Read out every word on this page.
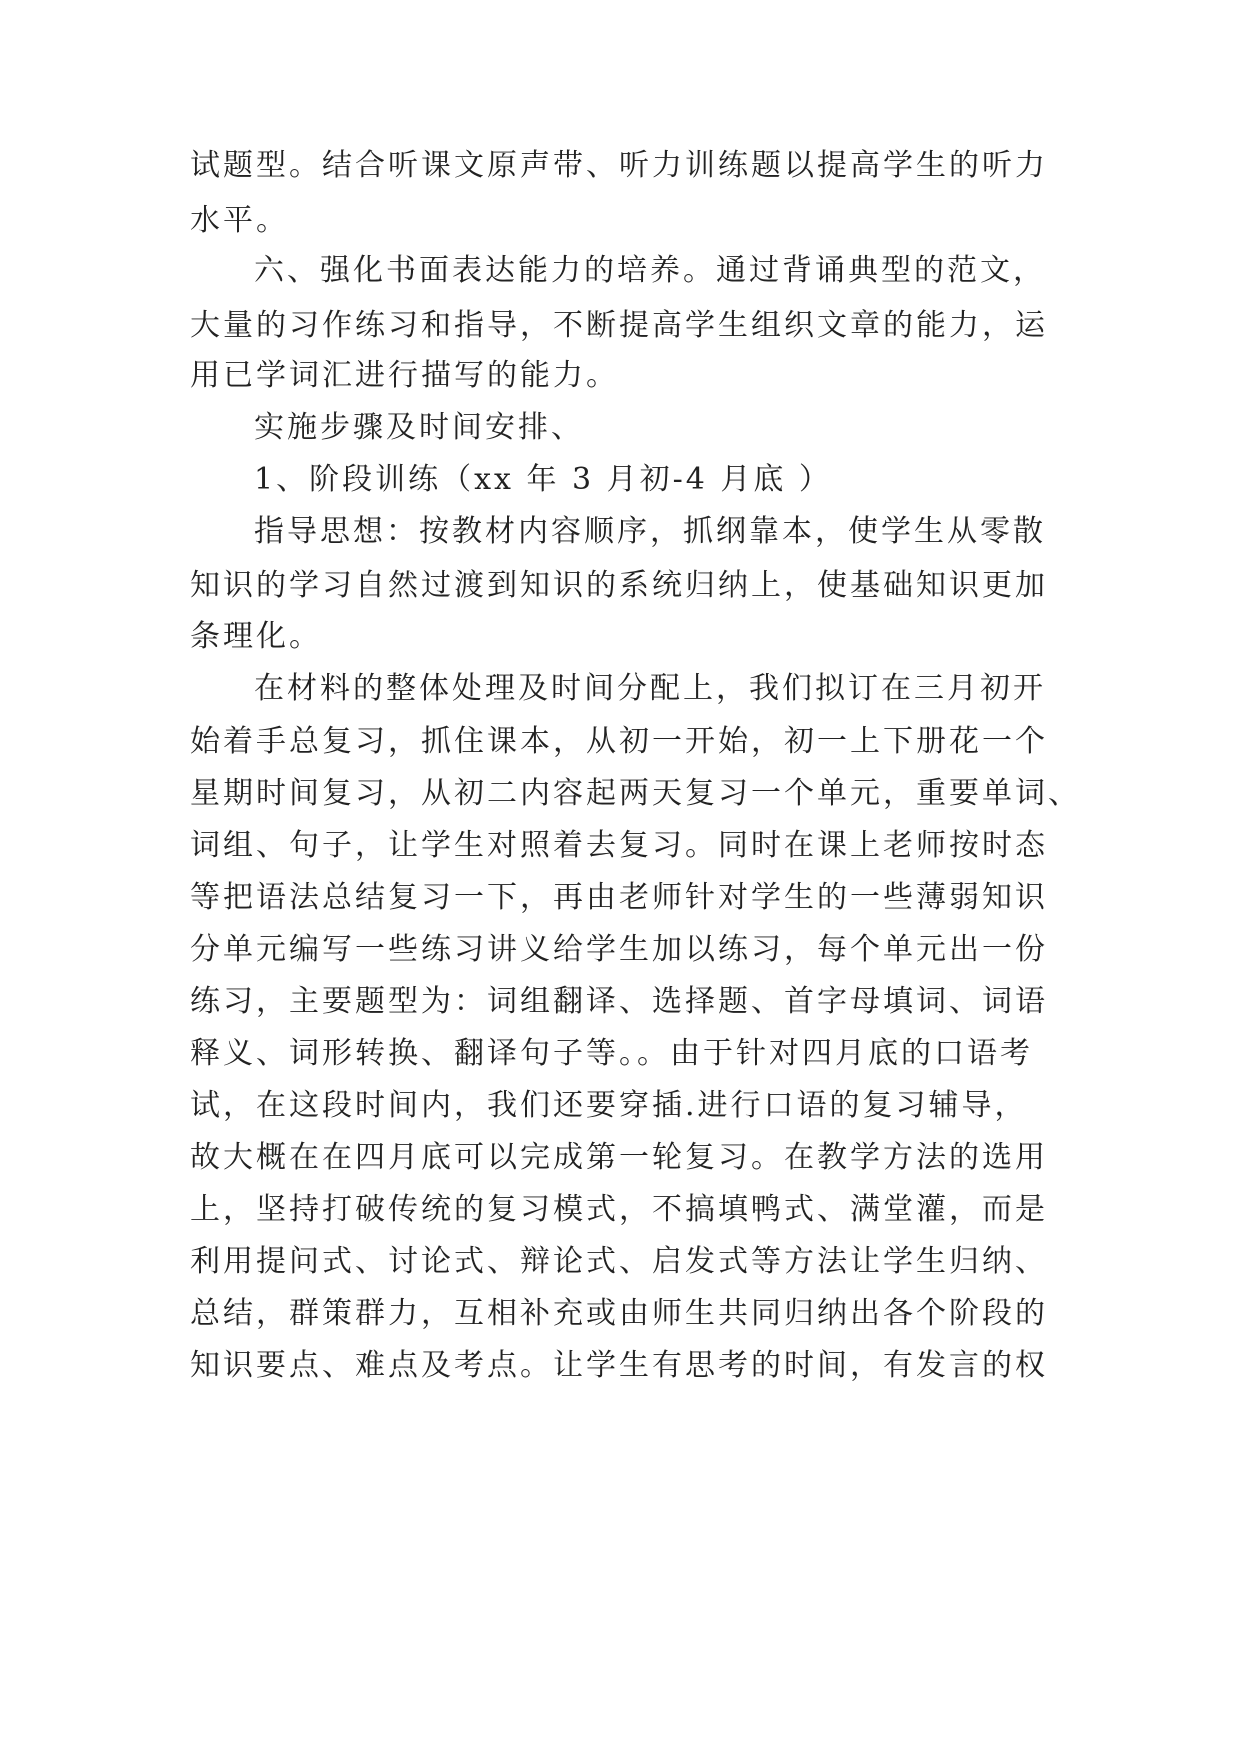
试题型。结合听课文原声带、听力训练题以提高学生的听力
水平。
六、强化书面表达能力的培养。通过背诵典型的范文，
大量的习作练习和指导，不断提高学生组织文章的能力，运
用已学词汇进行描写的能力。
实施步骤及时间安排、
1、阶段训练（xx 年 3 月初-4 月底 ）
指导思想：按教材内容顺序，抓纲靠本，使学生从零散
知识的学习自然过渡到知识的系统归纳上，使基础知识更加
条理化。
在材料的整体处理及时间分配上，我们拟订在三月初开
始着手总复习，抓住课本，从初一开始，初一上下册花一个
星期时间复习，从初二内容起两天复习一个单元，重要单词、
词组、句子，让学生对照着去复习。同时在课上老师按时态
等把语法总结复习一下，再由老师针对学生的一些薄弱知识
分单元编写一些练习讲义给学生加以练习，每个单元出一份
练习，主要题型为：词组翻译、选择题、首字母填词、词语
释义、词形转换、翻译句子等。。由于针对四月底的口语考
试，在这段时间内，我们还要穿插.进行口语的复习辅导，
故大概在在四月底可以完成第一轮复习。在教学方法的选用
上，坚持打破传统的复习模式，不搞填鸭式、满堂灌，而是
利用提问式、讨论式、辩论式、启发式等方法让学生归纳、
总结，群策群力，互相补充或由师生共同归纳出各个阶段的
知识要点、难点及考点。让学生有思考的时间，有发言的权
